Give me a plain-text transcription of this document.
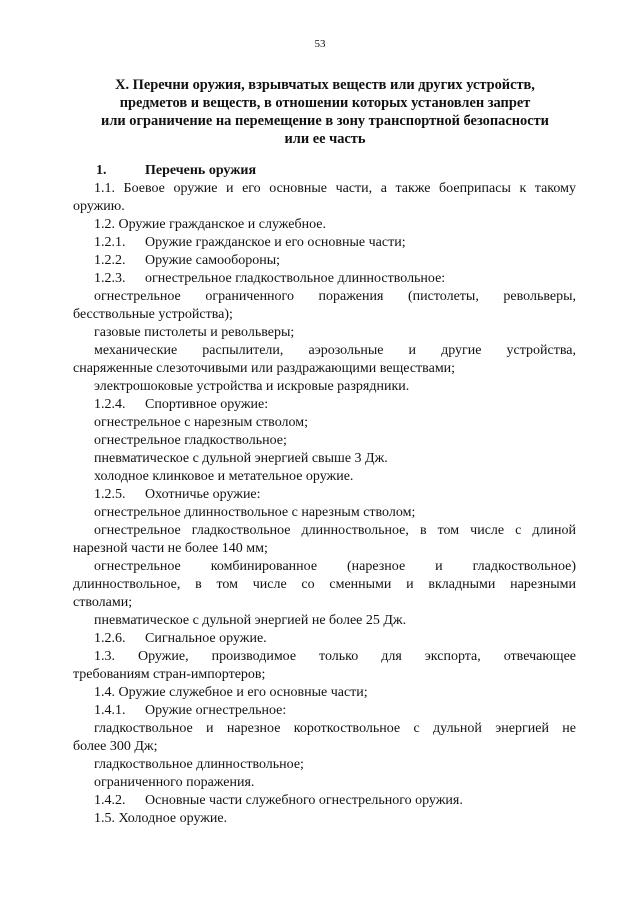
53
X. Перечни оружия, взрывчатых веществ или других устройств,
предметов и веществ, в отношении которых установлен запрет
или ограничение на перемещение в зону транспортной безопасности
или ее часть
1.	Перечень оружия
1.1. Боевое оружие и его основные части, а также боеприпасы к такому
оружию.
1.2. Оружие гражданское и служебное.
1.2.1. Оружие гражданское и его основные части;
1.2.2. Оружие самообороны;
1.2.3. огнестрельное гладкоствольное длинноствольное:
огнестрельное ограниченного поражения (пистолеты, револьверы,
бесствольные устройства);
газовые пистолеты и револьверы;
механические распылители, аэрозольные и другие устройства,
снаряженные слезоточивыми или раздражающими веществами;
электрошоковые устройства и искровые разрядники.
1.2.4. Спортивное оружие:
огнестрельное с нарезным стволом;
огнестрельное гладкоствольное;
пневматическое с дульной энергией свыше 3 Дж.
холодное клинковое и метательное оружие.
1.2.5. Охотничье оружие:
огнестрельное длинноствольное с нарезным стволом;
огнестрельное гладкоствольное длинноствольное, в том числе с длиной
нарезной части не более 140 мм;
огнестрельное комбинированное (нарезное и гладкоствольное)
длинноствольное, в том числе со сменными и вкладными нарезными
стволами;
пневматическое с дульной энергией не более 25 Дж.
1.2.6. Сигнальное оружие.
1.3. Оружие, производимое только для экспорта, отвечающее
требованиям стран-импортеров;
1.4. Оружие служебное и его основные части;
1.4.1. Оружие огнестрельное:
гладкоствольное и нарезное короткоствольное с дульной энергией не
более 300 Дж;
гладкоствольное длинноствольное;
ограниченного поражения.
1.4.2. Основные части служебного огнестрельного оружия.
1.5. Холодное оружие.
